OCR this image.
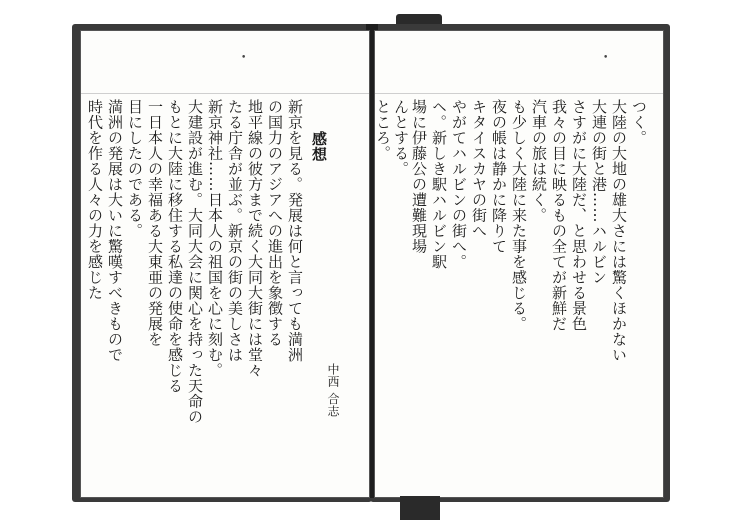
•
中西 合志
感想
新京を見る。発展は何と言っても満洲
の国力のアジアへの進出を象徴する
地平線の彼方まで続く大同大街には堂々
たる庁舎が並ぶ。新京の街の美しさは
新京神社……日本人の祖国を心に刻む。
大建設が進む。大同大会に関心を持った天命の
もとに大陸に移住する私達の使命を感じる
一日本人の幸福ある大東亜の発展を
目にしたのである。
満洲の発展は大いに驚嘆すべきもので
時代を作る人々の力を感じた
•
つく。
大陸の大地の雄大さには驚くほかない
大連の街と港……ハルビン
さすがに大陸だ、と思わせる景色
我々の目に映るもの全てが新鮮だ
汽車の旅は続く。
も少しく大陸に来た事を感じる。
夜の帳は静かに降りて
キタイスカヤの街へ
やがてハルビンの街へ。
ヘ。新しき駅ハルビン駅
場に伊藤公の遭難現場
んとする。
ところ。
